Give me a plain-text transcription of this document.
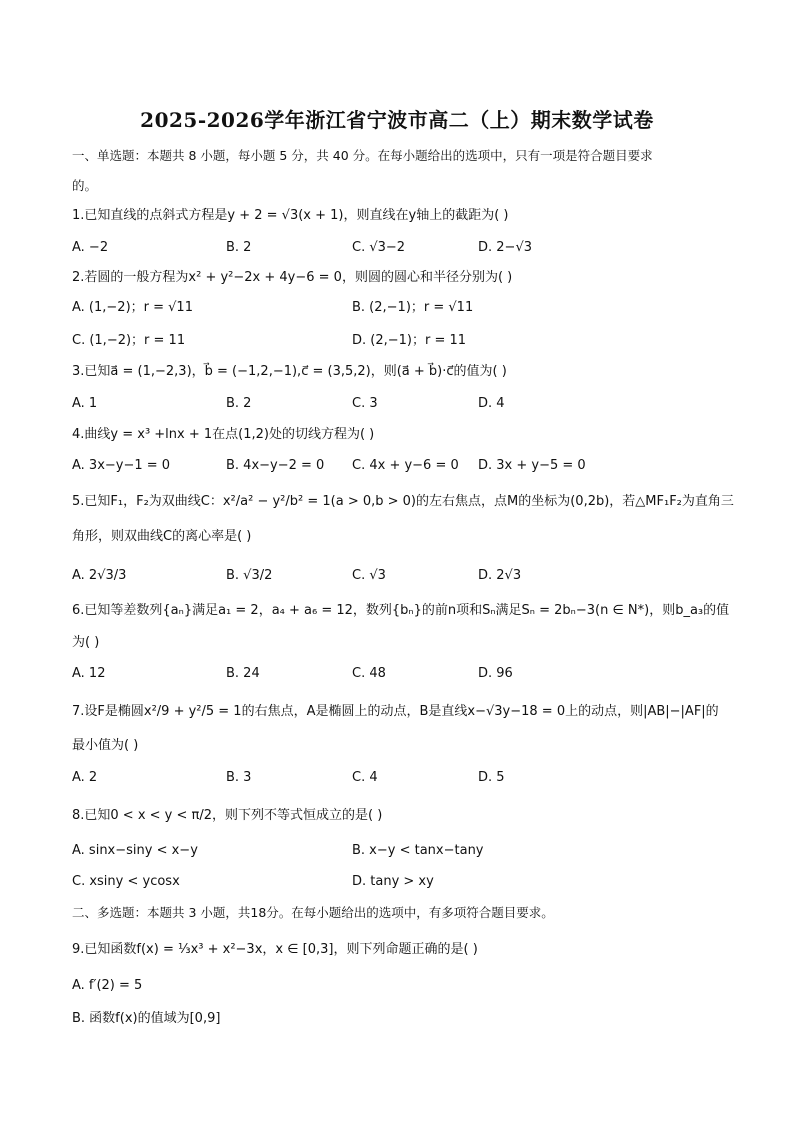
2025-2026学年浙江省宁波市高二（上）期末数学试卷
一、单选题：本题共 8 小题，每小题 5 分，共 40 分。在每小题给出的选项中，只有一项是符合题目要求
的。
1.已知直线的点斜式方程是y + 2 = √3(x + 1)，则直线在y轴上的截距为( )
A. −2	B. 2	C. √3−2	D. 2−√3
2.若圆的一般方程为x² + y²−2x + 4y−6 = 0，则圆的圆心和半径分别为( )
A. (1,−2)；r = √11	B. (2,−1)；r = √11
C. (1,−2)；r = 11	D. (2,−1)；r = 11
3.已知a⃗ = (1,−2,3)，b⃗ = (−1,2,−1),c⃗ = (3,5,2)，则(a⃗ + b⃗)·c⃗的值为( )
A. 1	B. 2	C. 3	D. 4
4.曲线y = x³ +lnx + 1在点(1,2)处的切线方程为( )
A. 3x−y−1 = 0	B. 4x−y−2 = 0 C. 4x + y−6 = 0 D. 3x + y−5 = 0
5.已知F₁，F₂为双曲线C：x²/a² − y²/b² = 1(a > 0,b > 0)的左右焦点，点M的坐标为(0,2b)，若△MF₁F₂为直角三
角形，则双曲线C的离心率是( )
A. 2√3/3	B. √3/2	C. √3	D. 2√3
6.已知等差数列{aₙ}满足a₁ = 2，a₄ + a₆ = 12，数列{bₙ}的前n项和Sₙ满足Sₙ = 2bₙ−3(n ∈ N*)，则b_a₃的值
为( )
A. 12	B. 24	C. 48	D. 96
7.设F是椭圆x²/9 + y²/5 = 1的右焦点，A是椭圆上的动点，B是直线x−√3y−18 = 0上的动点，则|AB|−|AF|的
最小值为( )
A. 2	B. 3	C. 4	D. 5
8.已知0 < x < y < π/2，则下列不等式恒成立的是( )
A. sinx−siny < x−y	B. x−y < tanx−tany
C. xsiny < ycosx	D. tany > xy
二、多选题：本题共 3 小题，共18分。在每小题给出的选项中，有多项符合题目要求。
9.已知函数f(x) = ⅓x³ + x²−3x，x ∈ [0,3]，则下列命题正确的是( )
A. f′(2) = 5
B. 函数f(x)的值域为[0,9]
